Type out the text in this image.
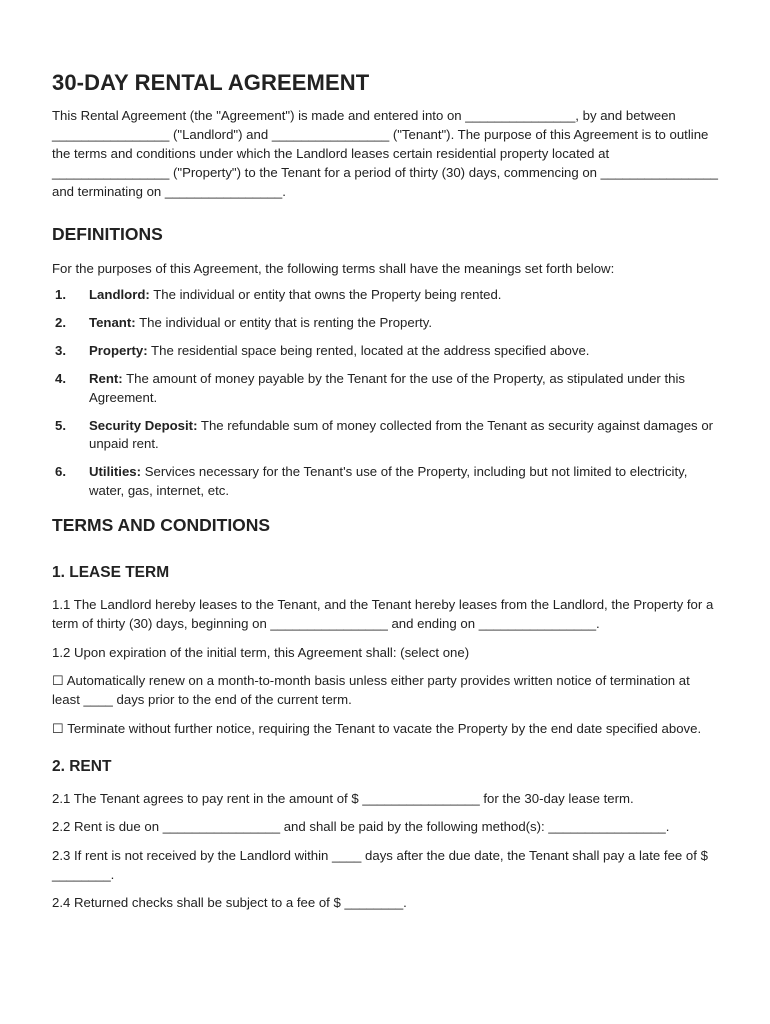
30-DAY RENTAL AGREEMENT

This Rental Agreement (the "Agreement") is made and entered into on _______________, by and between ________________ ("Landlord") and ________________ ("Tenant"). The purpose of this Agreement is to outline the terms and conditions under which the Landlord leases certain residential property located at ________________ ("Property") to the Tenant for a period of thirty (30) days, commencing on ________________ and terminating on ________________.

DEFINITIONS

For the purposes of this Agreement, the following terms shall have the meanings set forth below:

1.	Landlord: The individual or entity that owns the Property being rented.
2.	Tenant: The individual or entity that is renting the Property.
3.	Property: The residential space being rented, located at the address specified above.
4.	Rent: The amount of money payable by the Tenant for the use of the Property, as stipulated under this Agreement.
5.	Security Deposit: The refundable sum of money collected from the Tenant as security against damages or unpaid rent.
6.	Utilities: Services necessary for the Tenant's use of the Property, including but not limited to electricity, water, gas, internet, etc.
TERMS AND CONDITIONS
1. LEASE TERM

1.1 The Landlord hereby leases to the Tenant, and the Tenant hereby leases from the Landlord, the Property for a term of thirty (30) days, beginning on ________________ and ending on ________________.

1.2 Upon expiration of the initial term, this Agreement shall: (select one)

☐ Automatically renew on a month-to-month basis unless either party provides written notice of termination at least ____ days prior to the end of the current term.

☐ Terminate without further notice, requiring the Tenant to vacate the Property by the end date specified above.

2. RENT

2.1 The Tenant agrees to pay rent in the amount of $ ________________ for the 30-day lease term.

2.2 Rent is due on ________________ and shall be paid by the following method(s): ________________.

2.3 If rent is not received by the Landlord within ____ days after the due date, the Tenant shall pay a late fee of $ ________.

2.4 Returned checks shall be subject to a fee of $ ________.
